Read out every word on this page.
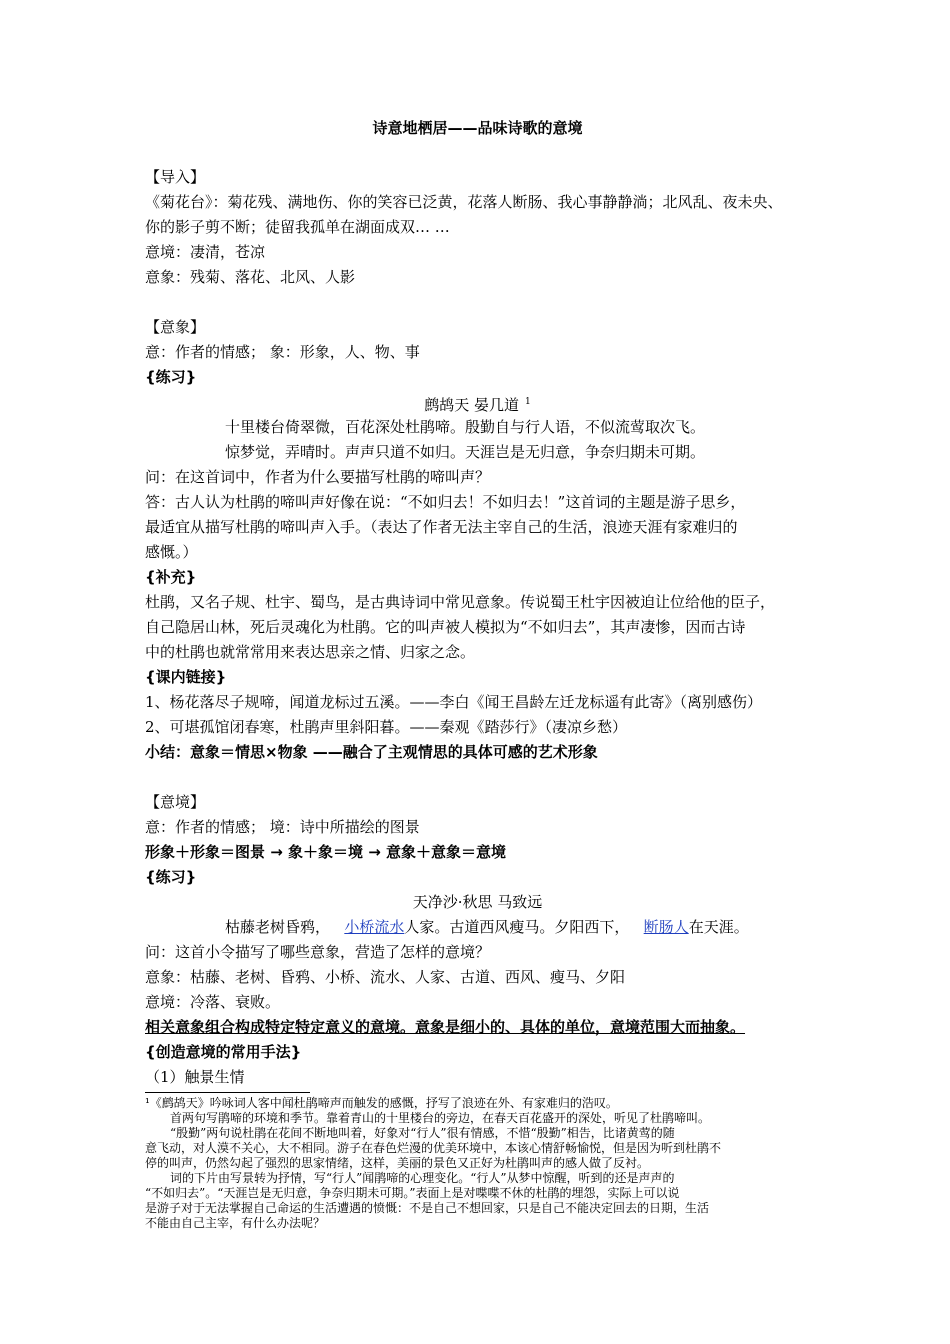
诗意地栖居——品味诗歌的意境
【导入】
《菊花台》：菊花残、满地伤、你的笑容已泛黄，花落人断肠、我心事静静淌；北风乱、夜未央、
你的影子剪不断；徒留我孤单在湖面成双… …
意境：凄清，苍凉
意象：残菊、落花、北风、人影
【意象】
意：作者的情感； 象：形象，人、物、事
{练习}
鹧鸪天 晏几道 $^1$
十里楼台倚翠微，百花深处杜鹃啼。殷勤自与行人语，不似流莺取次飞。
惊梦觉，弄晴时。声声只道不如归。天涯岂是无归意，争奈归期未可期。
问：在这首词中，作者为什么要描写杜鹃的啼叫声？
答：古人认为杜鹃的啼叫声好像在说：“不如归去！不如归去！”这首词的主题是游子思乡，
最适宜从描写杜鹃的啼叫声入手。（表达了作者无法主宰自己的生活，浪迹天涯有家难归的
感慨。）
{补充}
杜鹃，又名子规、杜宇、蜀鸟，是古典诗词中常见意象。传说蜀王杜宇因被迫让位给他的臣子，
自己隐居山林，死后灵魂化为杜鹃。它的叫声被人模拟为“不如归去”，其声凄惨，因而古诗
中的杜鹃也就常常用来表达思亲之情、归家之念。
{课内链接}
1、杨花落尽子规啼，闻道龙标过五溪。——李白《闻王昌龄左迁龙标遥有此寄》（离别感伤）
2、可堪孤馆闭春寒，杜鹃声里斜阳暮。——秦观《踏莎行》（凄凉乡愁）
小结：意象＝情思×物象 ——融合了主观情思的具体可感的艺术形象
【意境】
意：作者的情感； 境：诗中所描绘的图景
形象＋形象＝图景 → 象＋象＝境 → 意象＋意象＝意境
{练习}
天净沙·秋思 马致远
枯藤老树昏鸦， 小桥流水人家。古道西风瘦马。夕阳西下， 断肠人在天涯。
问：这首小令描写了哪些意象，营造了怎样的意境？
意象：枯藤、老树、昏鸦、小桥、流水、人家、古道、西风、瘦马、夕阳
意境：冷落、衰败。
相关意象组合构成特定特定意义的意境。意象是细小的、具体的单位，意境范围大而抽象。
{创造意境的常用手法}
（1）触景生情
¹《鹧鸪天》吟咏词人客中闻杜鹃啼声而触发的感慨，抒写了浪迹在外、有家难归的浩叹。
首两句写鹃啼的环境和季节。靠着青山的十里楼台的旁边，在春天百花盛开的深处，听见了杜鹃啼叫。
“殷勤”两句说杜鹃在花间不断地叫着，好象对“行人”很有情感，不惜“殷勤”相告，比诸黄莺的随
意飞动，对人漠不关心，大不相同。游子在春色烂漫的优美环境中，本该心情舒畅愉悦，但是因为听到杜鹃不
停的叫声，仍然勾起了强烈的思家情绪，这样，美丽的景色又正好为杜鹃叫声的感人做了反衬。
词的下片由写景转为抒情，写“行人”闻鹃啼的心理变化。“行人”从梦中惊醒，听到的还是声声的
“不如归去”。“天涯岂是无归意，争奈归期未可期。”表面上是对喋喋不休的杜鹃的埋怨，实际上可以说
是游子对于无法掌握自己命运的生活遭遇的愤慨：不是自己不想回家，只是自己不能决定回去的日期，生活
不能由自己主宰，有什么办法呢？
